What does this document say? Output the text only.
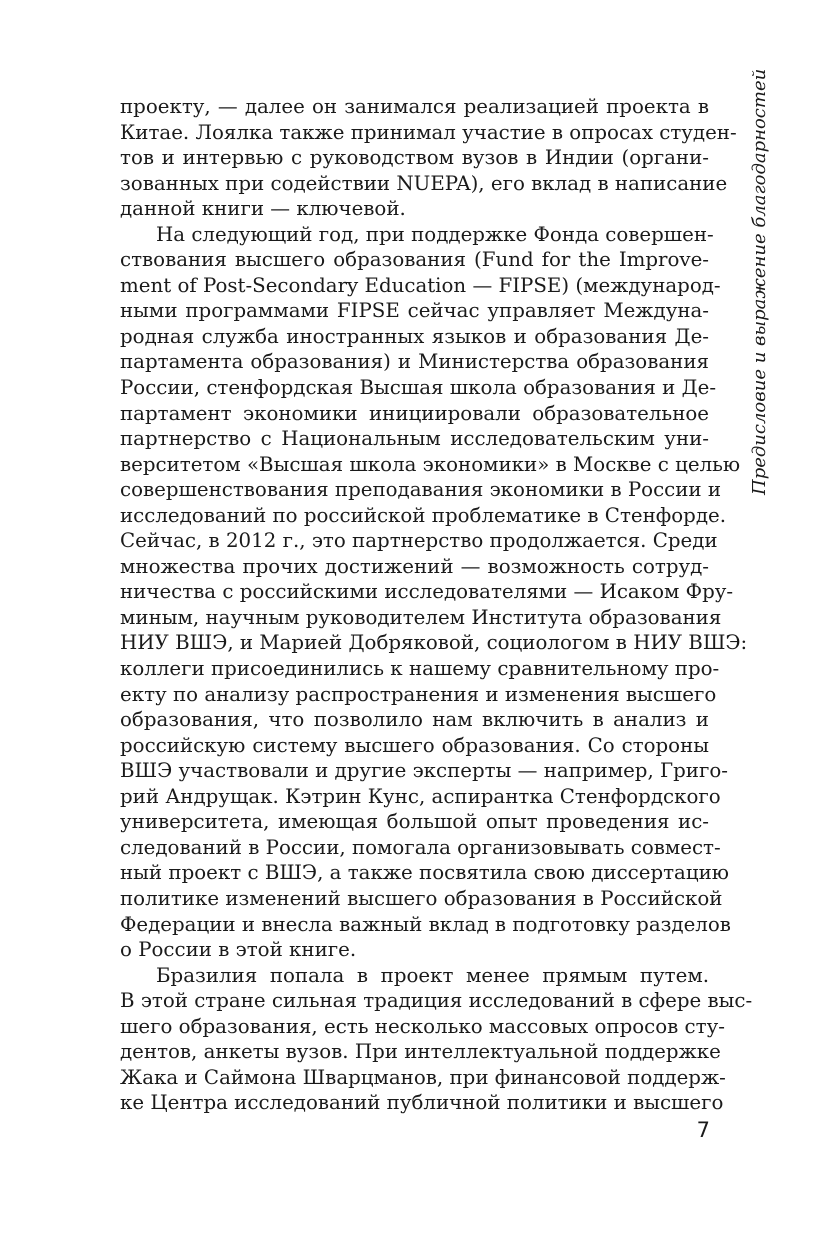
проекту, — далее он занимался реализацией проекта в
Китае. Лоялка также принимал участие в опросах студен-
тов и интервью с руководством вузов в Индии (органи-
зованных при содействии NUEPA), его вклад в написание
данной книги — ключевой.
На следующий год, при поддержке Фонда совершен-
ствования высшего образования (Fund for the Improve-
ment of Post-Secondary Education — FIPSE) (международ-
ными программами FIPSE сейчас управляет Междуна-
родная служба иностранных языков и образования Де-
партамента образования) и Министерства образования
России, стенфордская Высшая школа образования и Де-
партамент экономики инициировали образовательное
партнерство с Национальным исследовательским уни-
верситетом «Высшая школа экономики» в Москве с целью
совершенствования преподавания экономики в России и
исследований по российской проблематике в Стенфорде.
Сейчас, в 2012 г., это партнерство продолжается. Среди
множества прочих достижений — возможность сотруд-
ничества с российскими исследователями — Исаком Фру-
миным, научным руководителем Института образования
НИУ ВШЭ, и Марией Добряковой, социологом в НИУ ВШЭ:
коллеги присоединились к нашему сравнительному про-
екту по анализу распространения и изменения высшего
образования, что позволило нам включить в анализ и
российскую систему высшего образования. Со стороны
ВШЭ участвовали и другие эксперты — например, Григо-
рий Андрущак. Кэтрин Кунс, аспирантка Стенфордского
университета, имеющая большой опыт проведения ис-
следований в России, помогала организовывать совмест-
ный проект с ВШЭ, а также посвятила свою диссертацию
политике изменений высшего образования в Российской
Федерации и внесла важный вклад в подготовку разделов
о России в этой книге.
Бразилия попала в проект менее прямым путем.
В этой стране сильная традиция исследований в сфере выс-
шего образования, есть несколько массовых опросов сту-
дентов, анкеты вузов. При интеллектуальной поддержке
Жака и Саймона Шварцманов, при финансовой поддерж-
ке Центра исследований публичной политики и высшего
Предисловие и выражение благодарностей
7
